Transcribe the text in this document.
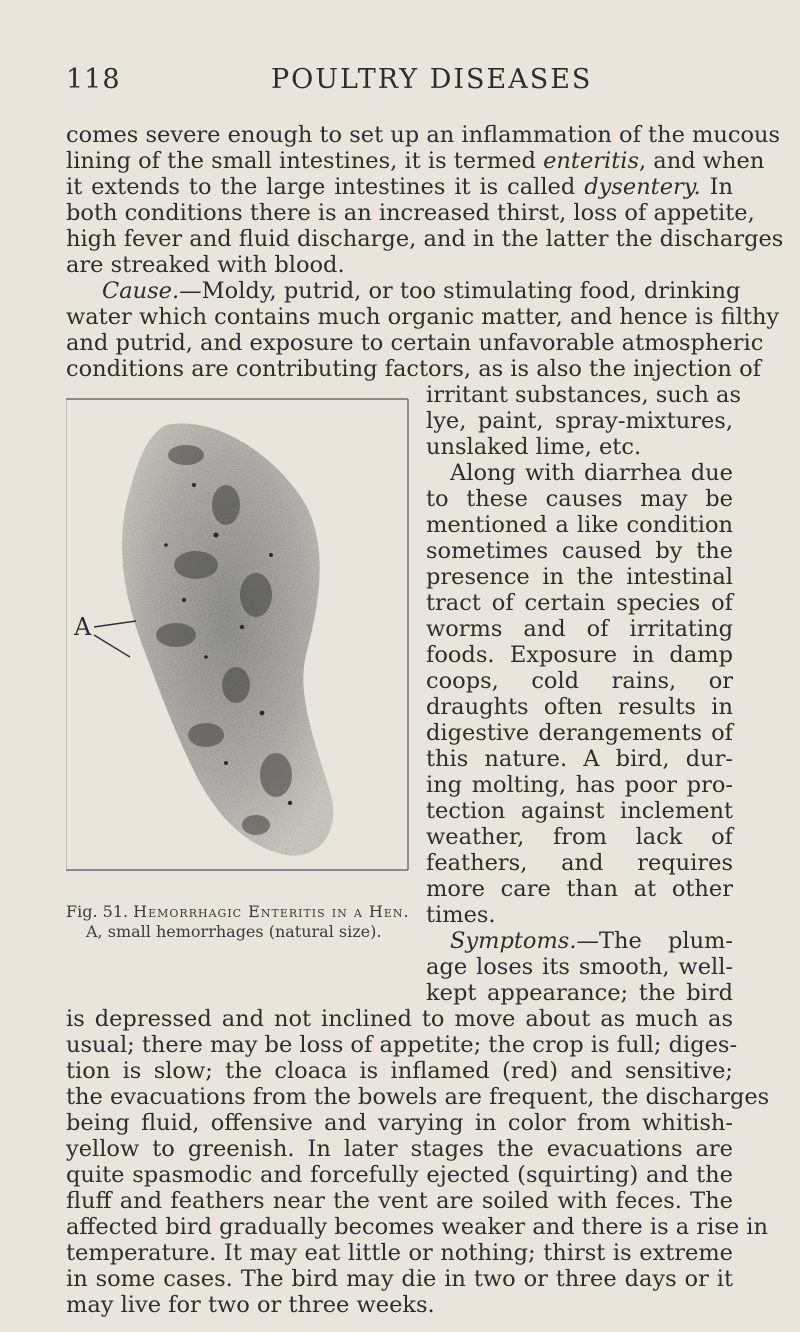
118	POULTRY DISEASES
comes severe enough to set up an inflammation of the mucous
lining of the small intestines, it is termed enteritis, and when
it extends to the large intestines it is called dysentery. In
both conditions there is an increased thirst, loss of appetite,
high fever and fluid discharge, and in the latter the discharges
are streaked with blood.
Cause.—Moldy, putrid, or too stimulating food, drinking
water which contains much organic matter, and hence is filthy
and putrid, and exposure to certain unfavorable atmospheric
conditions are contributing factors, as is also the injection of
irritant substances, such as
lye, paint, spray-mixtures,
unslaked lime, etc.
Along with diarrhea due
to these causes may be
mentioned a like condition
sometimes caused by the
presence in the intestinal
tract of certain species of
worms and of irritating
foods. Exposure in damp
coops, cold rains, or
draughts often results in
digestive derangements of
this nature. A bird, dur-
ing molting, has poor pro-
tection against inclement
weather, from lack of
feathers, and requires
more care than at other
times.
A
Fig. 51. Hemorrhagic Enteritis in a Hen.
A, small hemorrhages (natural size).	Symptoms.—The plum-
age loses its smooth, well-
kept appearance; the bird
is depressed and not inclined to move about as much as
usual; there may be loss of appetite; the crop is full; diges-
tion is slow; the cloaca is inflamed (red) and sensitive;
the evacuations from the bowels are frequent, the discharges
being fluid, offensive and varying in color from whitish-
yellow to greenish. In later stages the evacuations are
quite spasmodic and forcefully ejected (squirting) and the
fluff and feathers near the vent are soiled with feces. The
affected bird gradually becomes weaker and there is a rise in
temperature. It may eat little or nothing; thirst is extreme
in some cases. The bird may die in two or three days or it
may live for two or three weeks.
